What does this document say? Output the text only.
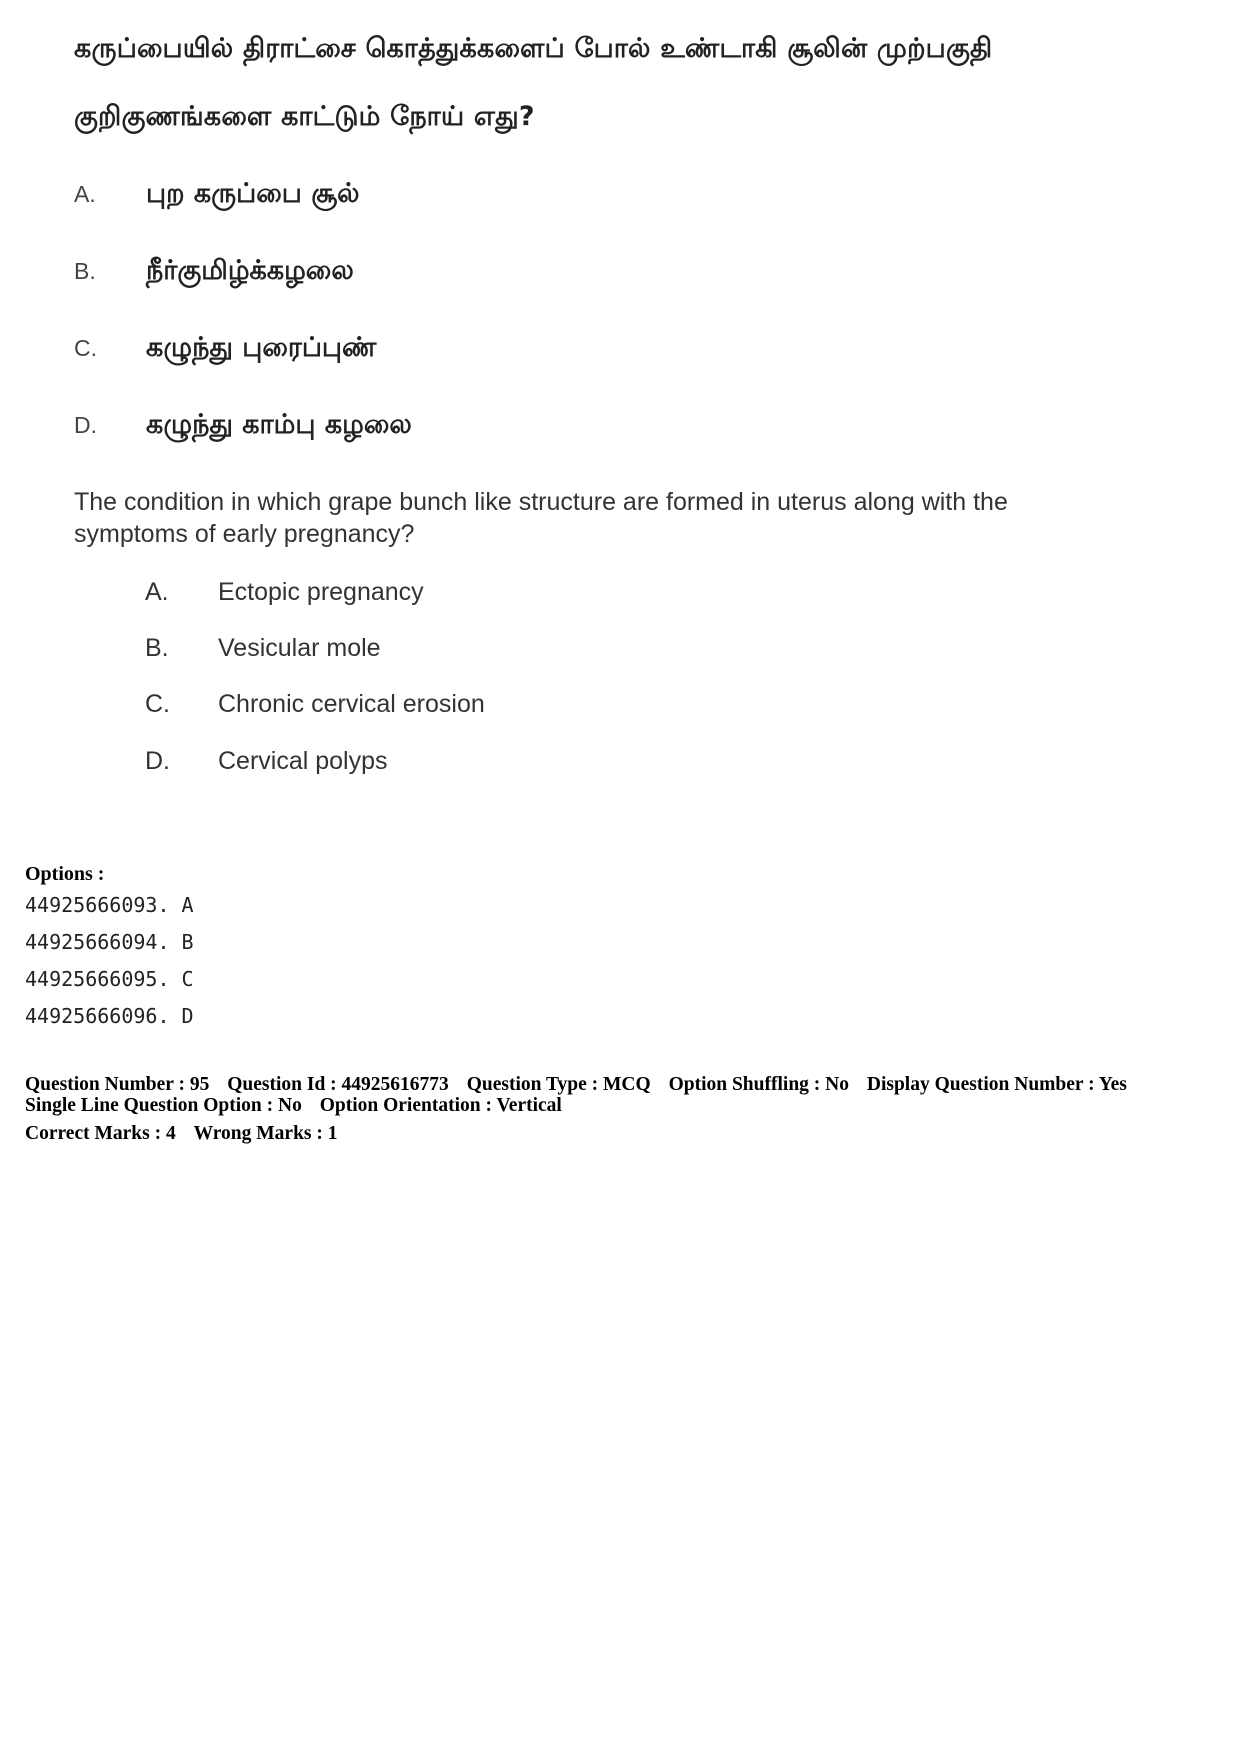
கருப்பையில் திராட்சை கொத்துக்களைப் போல் உண்டாகி சூலின் முற்பகுதி
குறிகுணங்களை காட்டும் நோய் எது?
A. புற கருப்பை சூல்
B. நீர்குமிழ்க்கழலை
C. கழுந்து புரைப்புண்
D. கழுந்து காம்பு கழலை
The condition in which grape bunch like structure are formed in uterus along with the symptoms of early pregnancy?
A. Ectopic pregnancy
B. Vesicular mole
C. Chronic cervical erosion
D. Cervical polyps
Options :
44925666093. A
44925666094. B
44925666095. C
44925666096. D
Question Number : 95 Question Id : 44925616773 Question Type : MCQ Option Shuffling : No Display Question Number : Yes
Single Line Question Option : No Option Orientation : Vertical
Correct Marks : 4 Wrong Marks : 1
